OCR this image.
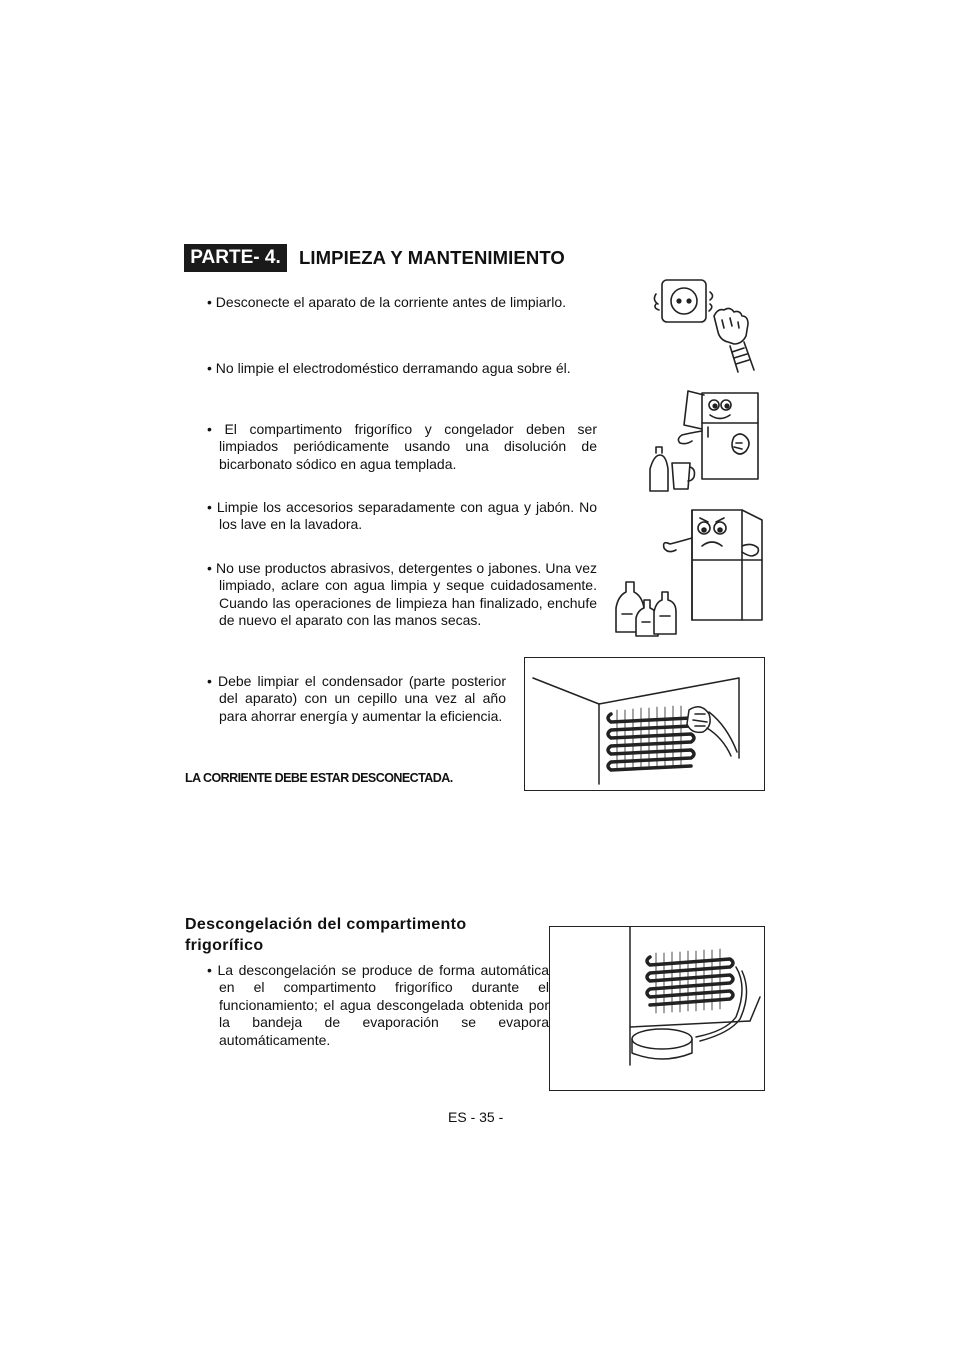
PARTE- 4. LIMPIEZA Y MANTENIMIENTO

• Desconecte el aparato de la corriente antes de limpiarlo.

• No limpie el electrodoméstico derramando agua sobre él.

• El compartimento frigorífico y congelador deben ser limpiados periódicamente usando una disolución de bicarbonato sódico en agua templada.

• Limpie los accesorios separadamente con agua y jabón. No los lave en la lavadora.

• No use productos abrasivos, detergentes o jabones. Una vez limpiado, aclare con agua limpia y seque cuidadosamente. Cuando las operaciones de limpieza han finalizado, enchufe de nuevo el aparato con las manos secas.

• Debe limpiar el condensador (parte posterior del aparato) con un cepillo una vez al año para ahorrar energía y aumentar la eficiencia.

LA CORRIENTE DEBE ESTAR DESCONECTADA.
Descongelación del compartimento frigorífico

• La descongelación se produce de forma automática en el compartimento frigorífico durante el funcionamiento; el agua descongelada obtenida por la bandeja de evaporación se evapora automáticamente.

ES - 35 -
